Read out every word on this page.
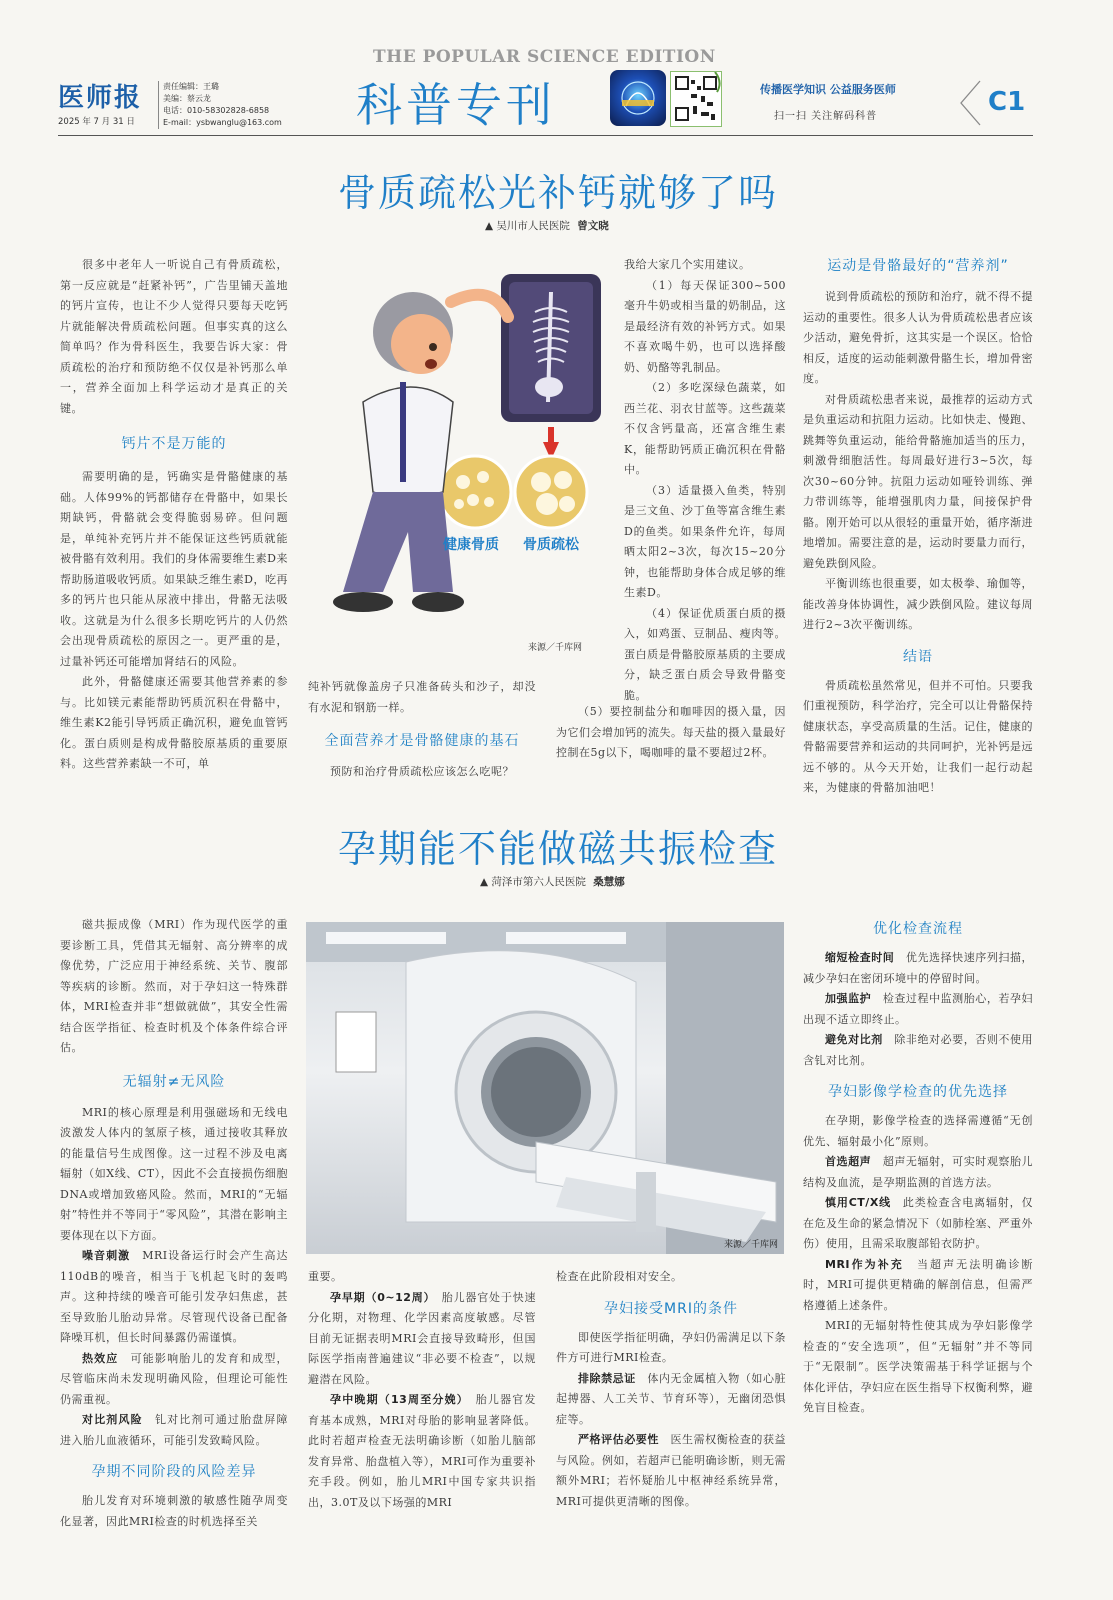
医师报
2025 年 7 月 31 日
责任编辑：王璐
美编：蔡云龙
电话：010-58302828-6858
E-mail：ysbwanglu@163.com
THE POPULAR SCIENCE EDITION
科普专刊	传播医学知识 公益服务医师
扫一扫 关注解码科普	C1
骨质疏松光补钙就够了吗
▲ 吴川市人民医院 曾文晓

很多中老年人一听说自己有骨质疏松，第一反应就是“赶紧补钙”，广告里铺天盖地的钙片宣传，也让不少人觉得只要每天吃钙片就能解决骨质疏松问题。但事实真的这么简单吗？作为骨科医生，我要告诉大家：骨质疏松的治疗和预防绝不仅仅是补钙那么单一，营养全面加上科学运动才是真正的关键。

钙片不是万能的

需要明确的是，钙确实是骨骼健康的基础。人体99%的钙都储存在骨骼中，如果长期缺钙，骨骼就会变得脆弱易碎。但问题是，单纯补充钙片并不能保证这些钙质就能被骨骼有效利用。我们的身体需要维生素D来帮助肠道吸收钙质。如果缺乏维生素D，吃再多的钙片也只能从尿液中排出，骨骼无法吸收。这就是为什么很多长期吃钙片的人仍然会出现骨质疏松的原因之一。更严重的是，过量补钙还可能增加肾结石的风险。

此外，骨骼健康还需要其他营养素的参与。比如镁元素能帮助钙质沉积在骨骼中，维生素K2能引导钙质正确沉积，避免血管钙化。蛋白质则是构成骨骼胶原基质的重要原料。这些营养素缺一不可，单

健康骨质 骨质疏松
来源／千库网

纯补钙就像盖房子只准备砖头和沙子，却没有水泥和钢筋一样。

全面营养才是骨骼健康的基石

预防和治疗骨质疏松应该怎么吃呢？

我给大家几个实用建议。

（1）每天保证300~500毫升牛奶或相当量的奶制品，这是最经济有效的补钙方式。如果不喜欢喝牛奶，也可以选择酸奶、奶酪等乳制品。

（2）多吃深绿色蔬菜，如西兰花、羽衣甘蓝等。这些蔬菜不仅含钙量高，还富含维生素K，能帮助钙质正确沉积在骨骼中。

（3）适量摄入鱼类，特别是三文鱼、沙丁鱼等富含维生素D的鱼类。如果条件允许，每周晒太阳2~3次，每次15~20分钟，也能帮助身体合成足够的维生素D。

（4）保证优质蛋白质的摄入，如鸡蛋、豆制品、瘦肉等。蛋白质是骨骼胶原基质的主要成分，缺乏蛋白质会导致骨骼变脆。

（5）要控制盐分和咖啡因的摄入量，因为它们会增加钙的流失。每天盐的摄入量最好控制在5g以下，喝咖啡的量不要超过2杯。

运动是骨骼最好的“营养剂”

说到骨质疏松的预防和治疗，就不得不提运动的重要性。很多人认为骨质疏松患者应该少活动，避免骨折，这其实是一个误区。恰恰相反，适度的运动能刺激骨骼生长，增加骨密度。

对骨质疏松患者来说，最推荐的运动方式是负重运动和抗阻力运动。比如快走、慢跑、跳舞等负重运动，能给骨骼施加适当的压力，刺激骨细胞活性。每周最好进行3~5次，每次30~60分钟。抗阻力运动如哑铃训练、弹力带训练等，能增强肌肉力量，间接保护骨骼。刚开始可以从很轻的重量开始，循序渐进地增加。需要注意的是，运动时要量力而行，避免跌倒风险。

平衡训练也很重要，如太极拳、瑜伽等，能改善身体协调性，减少跌倒风险。建议每周进行2~3次平衡训练。

结语

骨质疏松虽然常见，但并不可怕。只要我们重视预防，科学治疗，完全可以让骨骼保持健康状态，享受高质量的生活。记住，健康的骨骼需要营养和运动的共同呵护，光补钙是远远不够的。从今天开始，让我们一起行动起来，为健康的骨骼加油吧！

孕期能不能做磁共振检查
▲ 菏泽市第六人民医院 桑慧娜

磁共振成像（MRI）作为现代医学的重要诊断工具，凭借其无辐射、高分辨率的成像优势，广泛应用于神经系统、关节、腹部等疾病的诊断。然而，对于孕妇这一特殊群体，MRI检查并非“想做就做”，其安全性需结合医学指征、检查时机及个体条件综合评估。

无辐射≠无风险

MRI的核心原理是利用强磁场和无线电波激发人体内的氢原子核，通过接收其释放的能量信号生成图像。这一过程不涉及电离辐射（如X线、CT），因此不会直接损伤细胞DNA或增加致癌风险。然而，MRI的“无辐射”特性并不等同于“零风险”，其潜在影响主要体现在以下方面。

噪音刺激　 MRI设备运行时会产生高达110dB的噪音，相当于飞机起飞时的轰鸣声。这种持续的噪音可能引发孕妇焦虑，甚至导致胎儿胎动异常。尽管现代设备已配备降噪耳机，但长时间暴露仍需谨慎。

热效应　 可能影响胎儿的发育和成型，尽管临床尚未发现明确风险，但理论可能性仍需重视。

对比剂风险　 钆对比剂可通过胎盘屏障进入胎儿血液循环，可能引发致畸风险。

孕期不同阶段的风险差异

胎儿发育对环境刺激的敏感性随孕周变化显著，因此MRI检查的时机选择至关

来源／千库网

重要。

孕早期（0~12周）　 胎儿器官处于快速分化期，对物理、化学因素高度敏感。尽管目前无证据表明MRI会直接导致畸形，但国际医学指南普遍建议“非必要不检查”，以规避潜在风险。

孕中晚期（13周至分娩）　 胎儿器官发育基本成熟，MRI对母胎的影响显著降低。此时若超声检查无法明确诊断（如胎儿脑部发育异常、胎盘植入等），MRI可作为重要补充手段。例如，胎儿MRI中国专家共识指出，3.0T及以下场强的MRI

检查在此阶段相对安全。

孕妇接受MRI的条件

即使医学指征明确，孕妇仍需满足以下条件方可进行MRI检查。

排除禁忌证　 体内无金属植入物（如心脏起搏器、人工关节、节育环等），无幽闭恐惧症等。

严格评估必要性　 医生需权衡检查的获益与风险。例如，若超声已能明确诊断，则无需额外MRI；若怀疑胎儿中枢神经系统异常，MRI可提供更清晰的图像。

优化检查流程

缩短检查时间　 优先选择快速序列扫描，减少孕妇在密闭环境中的停留时间。

加强监护　 检查过程中监测胎心，若孕妇出现不适立即终止。

避免对比剂　 除非绝对必要，否则不使用含钆对比剂。

孕妇影像学检查的优先选择

在孕期，影像学检查的选择需遵循“无创优先、辐射最小化”原则。

首选超声　 超声无辐射，可实时观察胎儿结构及血流，是孕期监测的首选方法。

慎用CT/X线　 此类检查含电离辐射，仅在危及生命的紧急情况下（如肺栓塞、严重外伤）使用，且需采取腹部铅衣防护。

MRI作为补充　 当超声无法明确诊断时，MRI可提供更精确的解剖信息，但需严格遵循上述条件。

MRI的无辐射特性使其成为孕妇影像学检查的“安全选项”，但“无辐射”并不等同于“无限制”。医学决策需基于科学证据与个体化评估，孕妇应在医生指导下权衡利弊，避免盲目检查。
